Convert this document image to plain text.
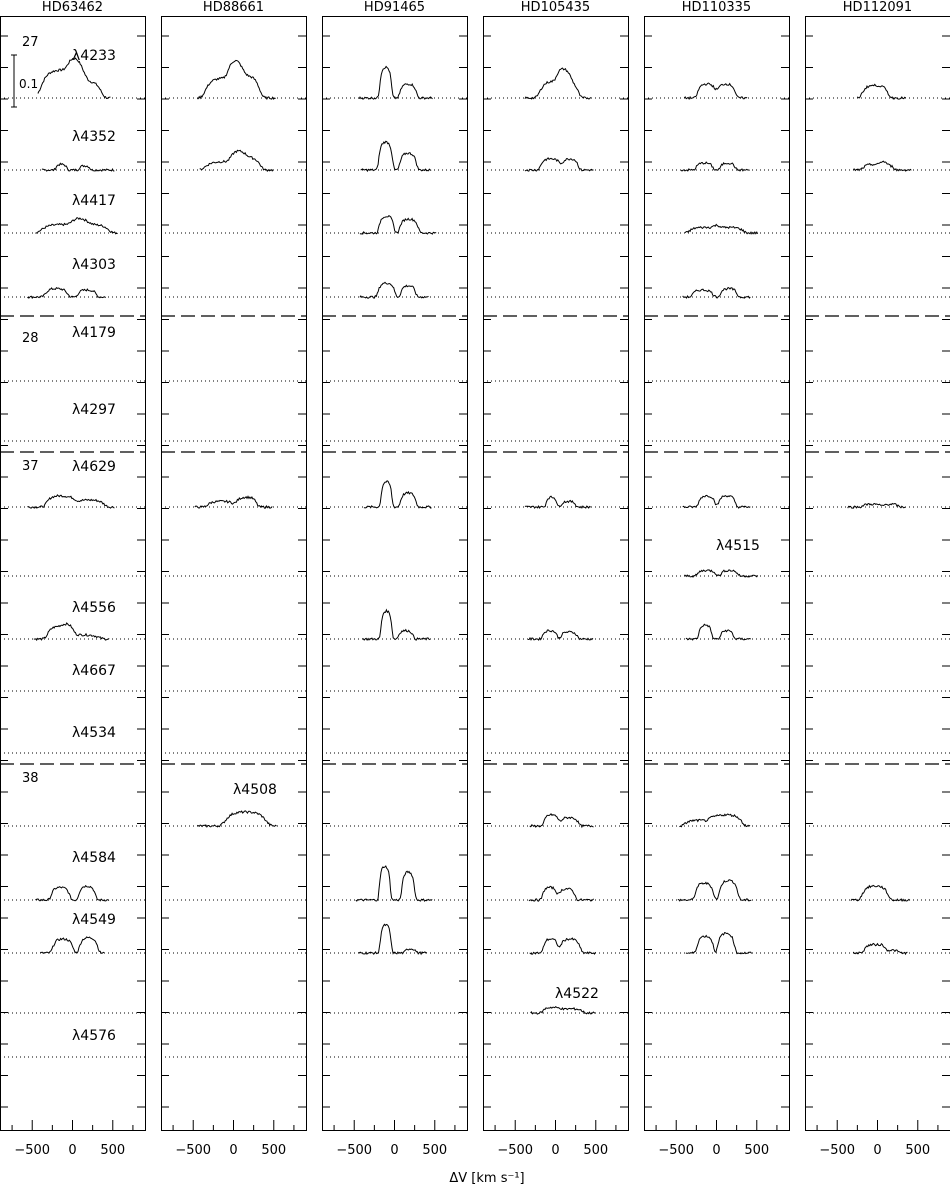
HD63462
−500 0 500
λ4233
λ4352
λ4417
λ4303
λ4629
λ4556
λ4584
λ4549
HD88661
−500 0 500
λ4508
HD91465
−500 0 500
HD105435
−500 0 500
λ4522
HD110335
−500 0 500
λ4515
HD112091
−500 0 500
λ4179
λ4297
λ4667
λ4534
λ4576
27
28
37
38
0.1
ΔV [km s⁻¹]
